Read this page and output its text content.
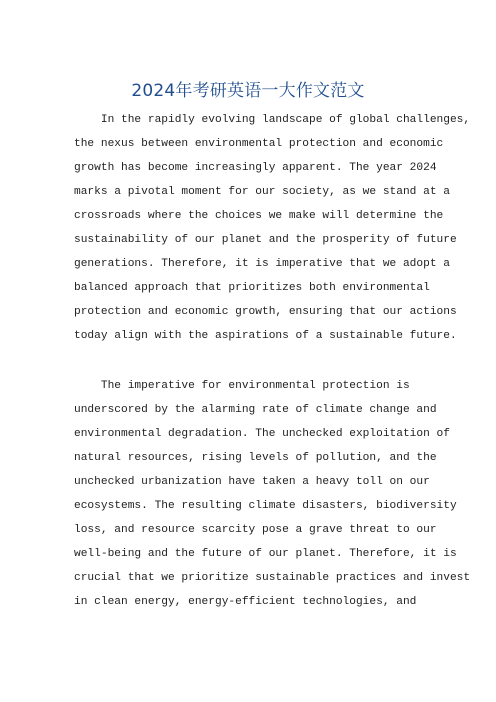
2024年考研英语一大作文范文
In the rapidly evolving landscape of global challenges,
the nexus between environmental protection and economic
growth has become increasingly apparent. The year 2024
marks a pivotal moment for our society, as we stand at a
crossroads where the choices we make will determine the
sustainability of our planet and the prosperity of future
generations. Therefore, it is imperative that we adopt a
balanced approach that prioritizes both environmental
protection and economic growth, ensuring that our actions
today align with the aspirations of a sustainable future.
The imperative for environmental protection is
underscored by the alarming rate of climate change and
environmental degradation. The unchecked exploitation of
natural resources, rising levels of pollution, and the
unchecked urbanization have taken a heavy toll on our
ecosystems. The resulting climate disasters, biodiversity
loss, and resource scarcity pose a grave threat to our
well-being and the future of our planet. Therefore, it is
crucial that we prioritize sustainable practices and invest
in clean energy, energy-efficient technologies, and
